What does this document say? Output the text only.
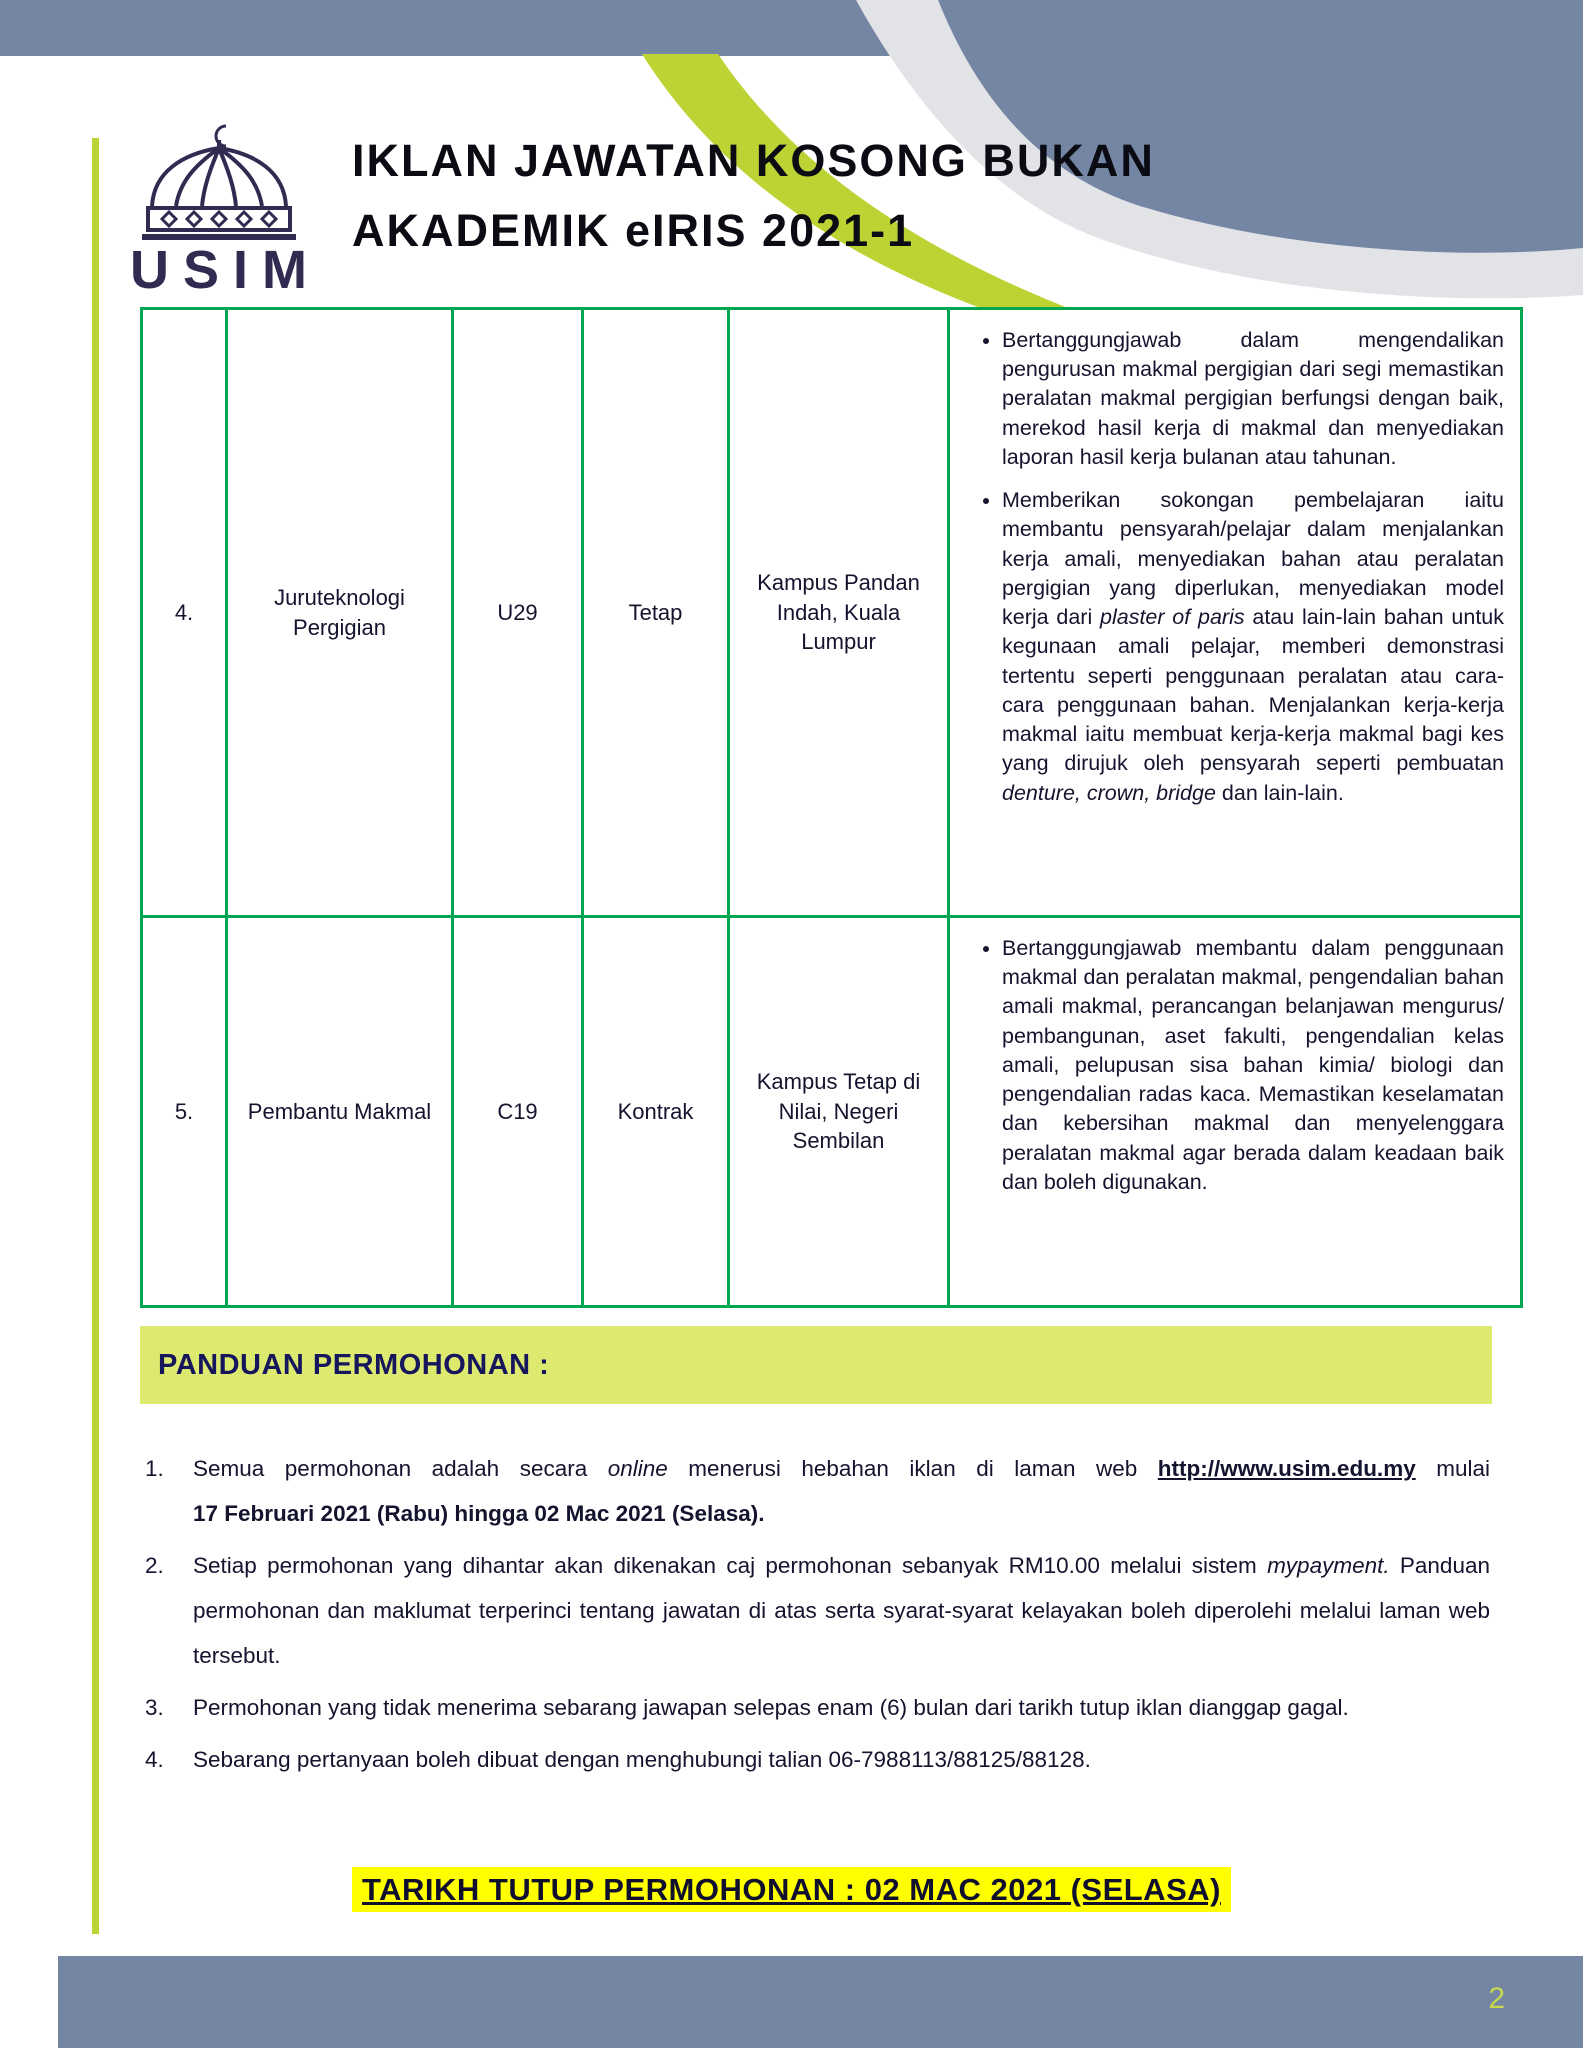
USIM
IKLAN JAWATAN KOSONG BUKAN
AKADEMIK eIRIS 2021-1
4.	Juruteknologi Pergigian	U29	Tetap	Kampus Pandan Indah, Kuala Lumpur	
• Bertanggungjawab dalam mengendalikan pengurusan makmal pergigian dari segi memastikan peralatan makmal pergigian berfungsi dengan baik, merekod hasil kerja di makmal dan menyediakan laporan hasil kerja bulanan atau tahunan.
• Memberikan sokongan pembelajaran iaitu membantu pensyarah/pelajar dalam menjalankan kerja amali, menyediakan bahan atau peralatan pergigian yang diperlukan, menyediakan model kerja dari plaster of paris atau lain-lain bahan untuk kegunaan amali pelajar, memberi demonstrasi tertentu seperti penggunaan peralatan atau cara-cara penggunaan bahan. Menjalankan kerja-kerja makmal iaitu membuat kerja-kerja makmal bagi kes yang dirujuk oleh pensyarah seperti pembuatan denture, crown, bridge dan lain-lain.

5.	Pembantu Makmal	C19	Kontrak	Kampus Tetap di Nilai, Negeri Sembilan	
• Bertanggungjawab membantu dalam penggunaan makmal dan peralatan makmal, pengendalian bahan amali makmal, perancangan belanjawan mengurus/ pembangunan, aset fakulti, pengendalian kelas amali, pelupusan sisa bahan kimia/ biologi dan pengendalian radas kaca. Memastikan keselamatan dan kebersihan makmal dan menyelenggara peralatan makmal agar berada dalam keadaan baik dan boleh digunakan.
PANDUAN PERMOHONAN :
1.	Semua permohonan adalah secara online menerusi hebahan iklan di laman web http://www.usim.edu.my mulai 17 Februari 2021 (Rabu) hingga 02 Mac 2021 (Selasa).
2.	Setiap permohonan yang dihantar akan dikenakan caj permohonan sebanyak RM10.00 melalui sistem mypayment. Panduan permohonan dan maklumat terperinci tentang jawatan di atas serta syarat-syarat kelayakan boleh diperolehi melalui laman web tersebut.
3.	Permohonan yang tidak menerima sebarang jawapan selepas enam (6) bulan dari tarikh tutup iklan dianggap gagal.
4.	Sebarang pertanyaan boleh dibuat dengan menghubungi talian 06-7988113/88125/88128.
TARIKH TUTUP PERMOHONAN : 02 MAC 2021 (SELASA)
2
